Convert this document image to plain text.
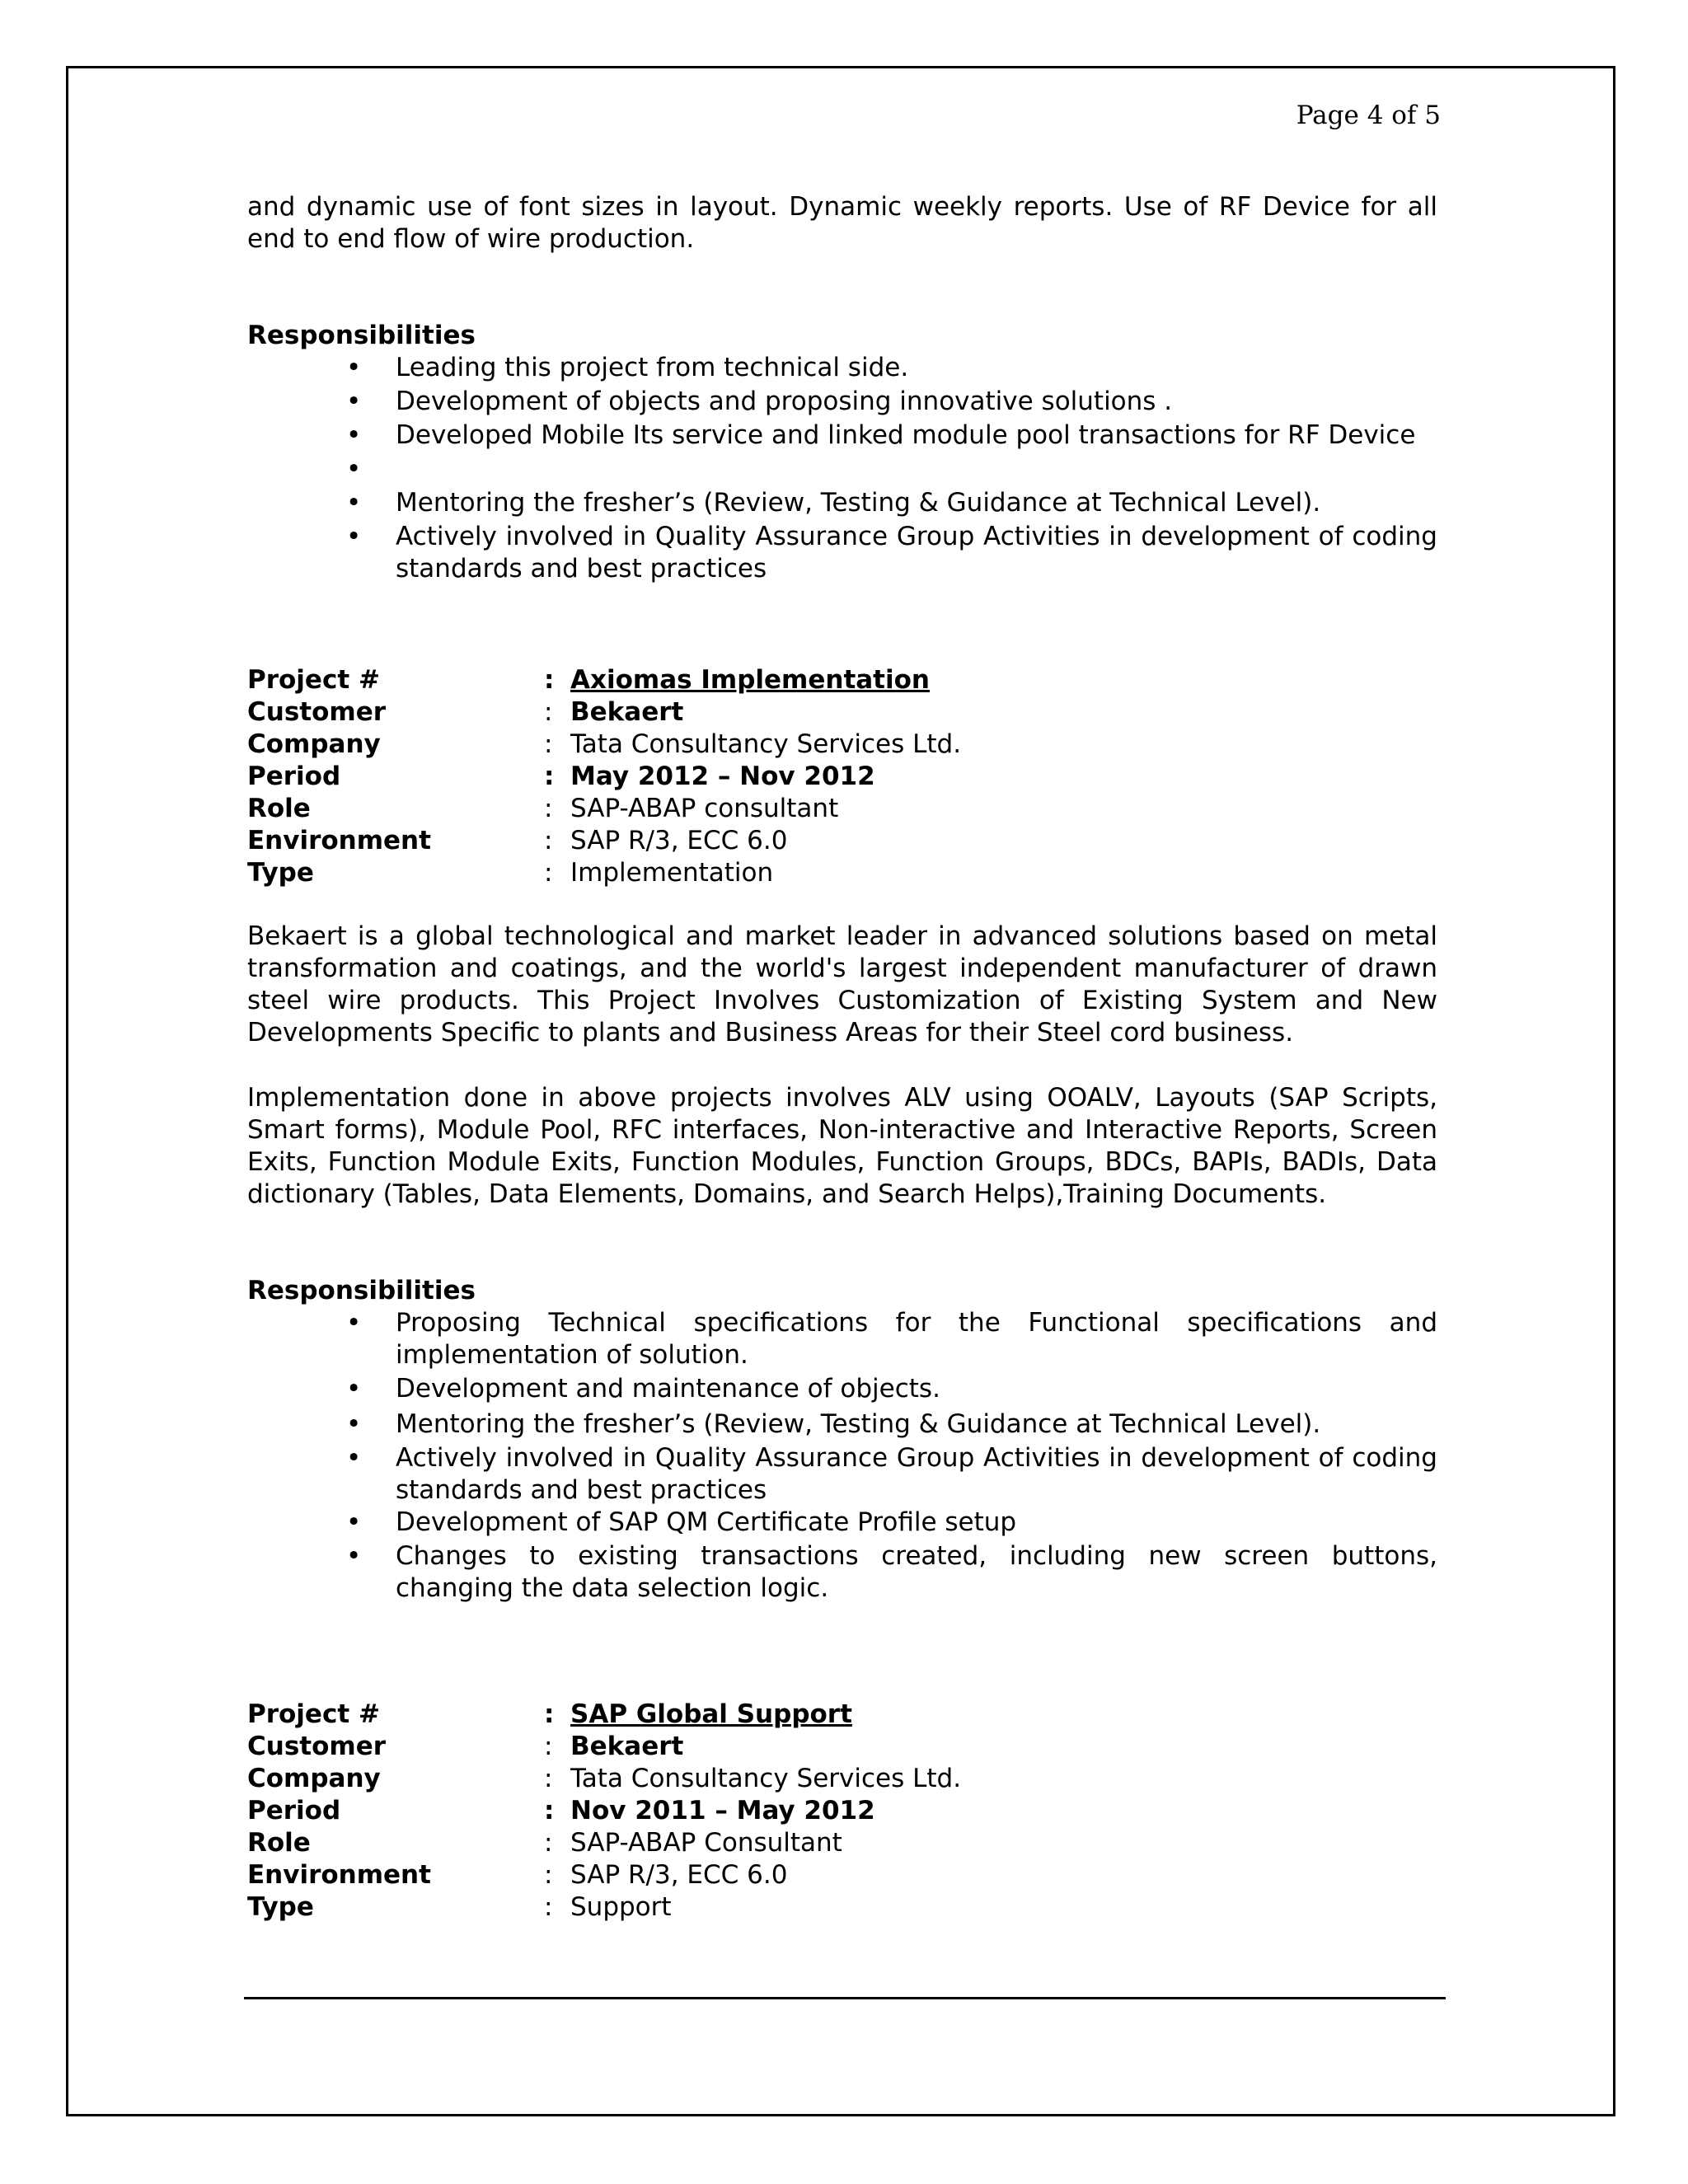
Page 4 of 5

and dynamic use of font sizes in layout. Dynamic weekly reports. Use of RF Device for all end to end flow of wire production.

Responsibilities
• Leading this project from technical side.
• Development of objects and proposing innovative solutions .
• Developed Mobile Its service and linked module pool transactions for RF Device
•
• Mentoring the fresher’s (Review, Testing & Guidance at Technical Level).
• Actively involved in Quality Assurance Group Activities in development of coding standards and best practices
Project #	:	Axiomas Implementation
Customer	:	Bekaert
Company	:	Tata Consultancy Services Ltd.
Period	:	May 2012 – Nov 2012
Role	:	SAP-ABAP consultant
Environment	:	SAP R/3, ECC 6.0
Type	:	Implementation

Bekaert is a global technological and market leader in advanced solutions based on metal transformation and coatings, and the world's largest independent manufacturer of drawn steel wire products. This Project Involves Customization of Existing System and New Developments Specific to plants and Business Areas for their Steel cord business.

Implementation done in above projects involves ALV using OOALV, Layouts (SAP Scripts, Smart forms), Module Pool, RFC interfaces, Non-interactive and Interactive Reports, Screen Exits, Function Module Exits, Function Modules, Function Groups, BDCs, BAPIs, BADIs, Data dictionary (Tables, Data Elements, Domains, and Search Helps),Training Documents.

Responsibilities
• Proposing Technical specifications for the Functional specifications and implementation of solution.
• Development and maintenance of objects.
• Mentoring the fresher’s (Review, Testing & Guidance at Technical Level).
• Actively involved in Quality Assurance Group Activities in development of coding standards and best practices
• Development of SAP QM Certificate Profile setup
• Changes to existing transactions created, including new screen buttons, changing the data selection logic.
Project #	:	SAP Global Support
Customer	:	Bekaert
Company	:	Tata Consultancy Services Ltd.
Period	:	Nov 2011 – May 2012
Role	:	SAP-ABAP Consultant
Environment	:	SAP R/3, ECC 6.0
Type	:	Support
